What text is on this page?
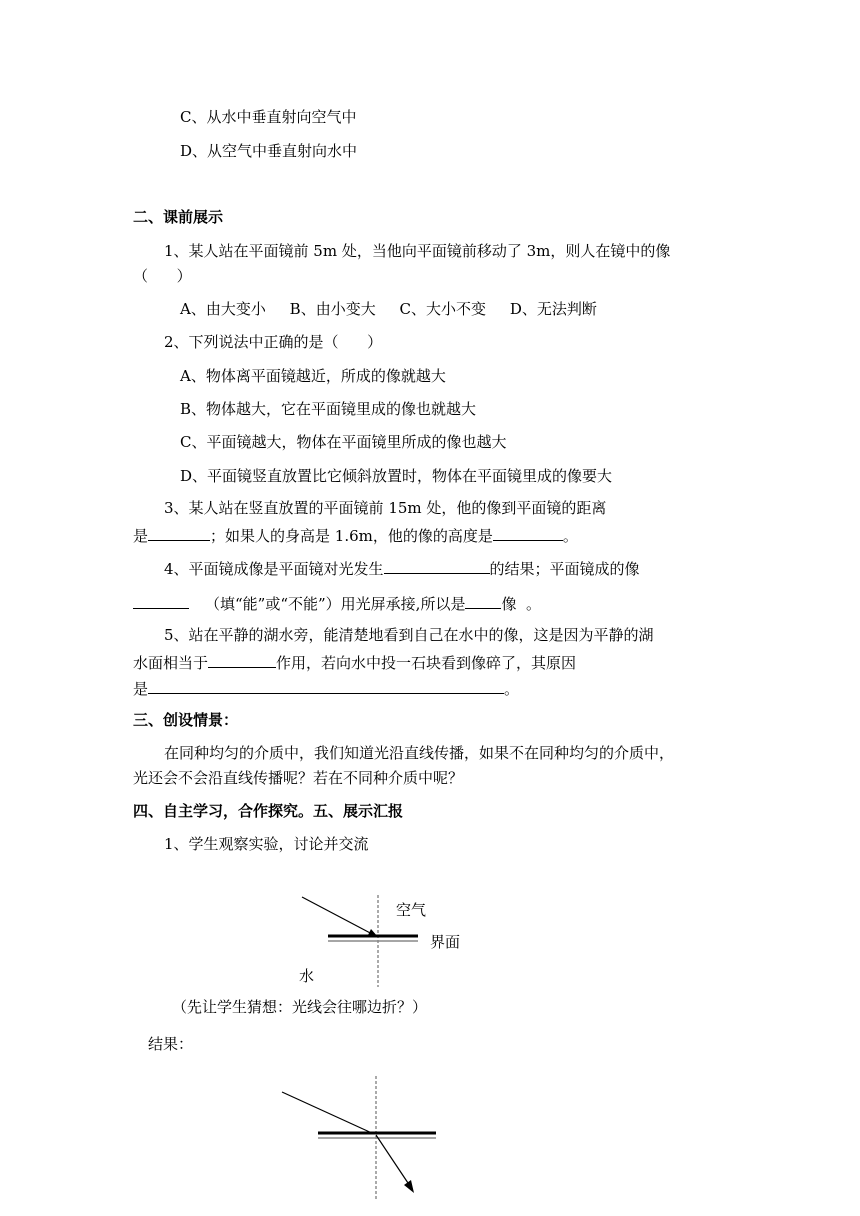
C、从水中垂直射向空气中
D、从空气中垂直射向水中
二、课前展示
1、某人站在平面镜前 5m 处，当他向平面镜前移动了 3m，则人在镜中的像
（      ）
A、由大变小     B、由小变大     C、大小不变     D、无法判断
2、下列说法中正确的是（      ）
A、物体离平面镜越近，所成的像就越大
B、物体越大，它在平面镜里成的像也就越大
C、平面镜越大，物体在平面镜里所成的像也越大
D、平面镜竖直放置比它倾斜放置时，物体在平面镜里成的像要大
3、某人站在竖直放置的平面镜前 15m 处，他的像到平面镜的距离
是	；如果人的身高是 1.6m，他的像的高度是	。
4、平面镜成像是平面镜对光发生	的结果；平面镜成的像
（填“能”或“不能”）用光屏承接,所以是 像  。
5、站在平静的湖水旁，能清楚地看到自己在水中的像，这是因为平静的湖
水面相当于	作用，若向水中投一石块看到像碎了，其原因
是	。
三、创设情景：
在同种均匀的介质中，我们知道光沿直线传播，如果不在同种均匀的介质中，
光还会不会沿直线传播呢？若在不同种介质中呢？
四、自主学习，合作探究。五、展示汇报
1、学生观察实验，讨论并交流
空气
界面
水
（先让学生猜想：光线会往哪边折？）
结果：
